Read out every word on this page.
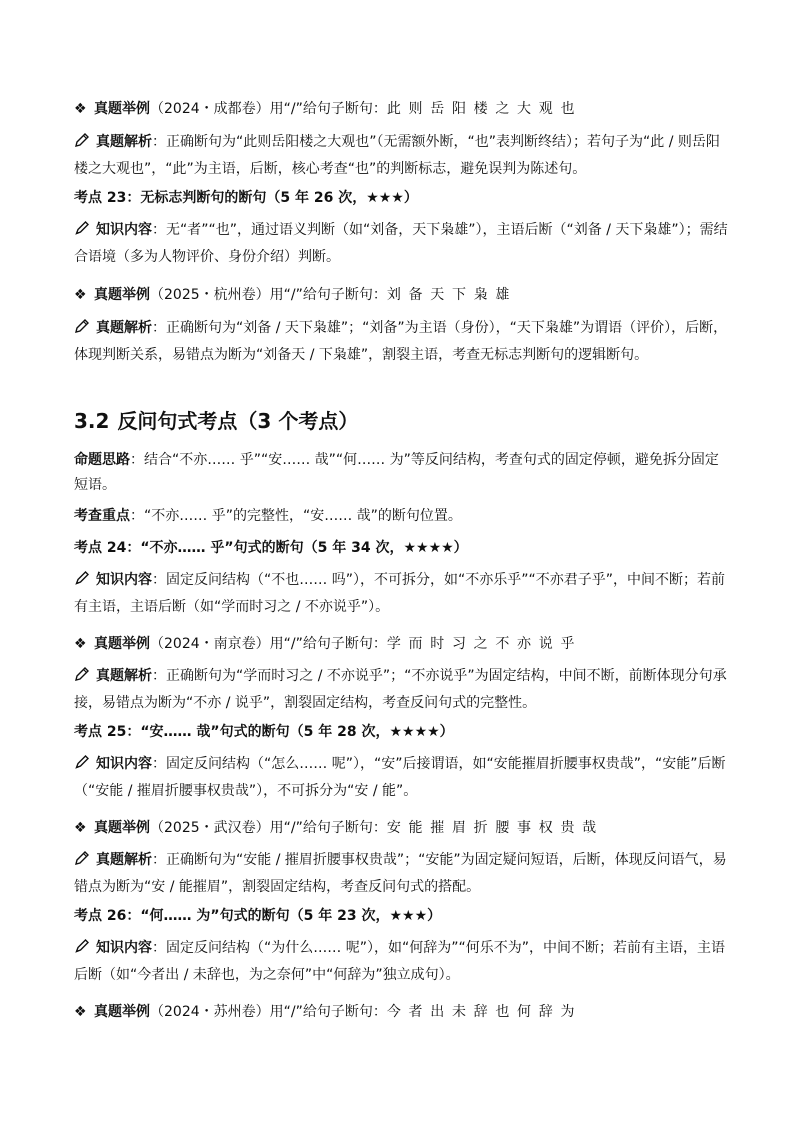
❖ 真题举例（2024・成都卷）用“/”给句子断句：此则岳阳楼之大观也

真题解析：正确断句为“此则岳阳楼之大观也”（无需额外断，“也”表判断终结）；若句子为“此 / 则岳阳楼之大观也”，“此”为主语，后断，核心考查“也”的判断标志，避免误判为陈述句。

考点 23：无标志判断句的断句（5 年 26 次，★★★）

知识内容：无“者”“也”，通过语义判断（如“刘备，天下枭雄”），主语后断（“刘备 / 天下枭雄”）；需结合语境（多为人物评价、身份介绍）判断。

❖ 真题举例（2025・杭州卷）用“/”给句子断句：刘备天下枭雄

真题解析：正确断句为“刘备 / 天下枭雄”；“刘备”为主语（身份），“天下枭雄”为谓语（评价），后断，体现判断关系，易错点为断为“刘备天 / 下枭雄”，割裂主语，考查无标志判断句的逻辑断句。

3.2 反问句式考点（3 个考点）

命题思路：结合“不亦…… 乎”“安…… 哉”“何…… 为”等反问结构，考查句式的固定停顿，避免拆分固定短语。

考查重点：“不亦…… 乎”的完整性，“安…… 哉”的断句位置。

考点 24：“不亦…… 乎”句式的断句（5 年 34 次，★★★★）

知识内容：固定反问结构（“不也…… 吗”），不可拆分，如“不亦乐乎”“不亦君子乎”，中间不断；若前有主语，主语后断（如“学而时习之 / 不亦说乎”）。

❖ 真题举例（2024・南京卷）用“/”给句子断句：学而时习之不亦说乎

真题解析：正确断句为“学而时习之 / 不亦说乎”；“不亦说乎”为固定结构，中间不断，前断体现分句承接，易错点为断为“不亦 / 说乎”，割裂固定结构，考查反问句式的完整性。

考点 25：“安…… 哉”句式的断句（5 年 28 次，★★★★）

知识内容：固定反问结构（“怎么…… 呢”），“安”后接谓语，如“安能摧眉折腰事权贵哉”，“安能”后断（“安能 / 摧眉折腰事权贵哉”），不可拆分为“安 / 能”。

❖ 真题举例（2025・武汉卷）用“/”给句子断句：安能摧眉折腰事权贵哉

真题解析：正确断句为“安能 / 摧眉折腰事权贵哉”；“安能”为固定疑问短语，后断，体现反问语气，易错点为断为“安 / 能摧眉”，割裂固定结构，考查反问句式的搭配。

考点 26：“何…… 为”句式的断句（5 年 23 次，★★★）

知识内容：固定反问结构（“为什么…… 呢”），如“何辞为”“何乐不为”，中间不断；若前有主语，主语后断（如“今者出 / 未辞也，为之奈何”中“何辞为”独立成句）。

❖ 真题举例（2024・苏州卷）用“/”给句子断句：今者出未辞也何辞为
